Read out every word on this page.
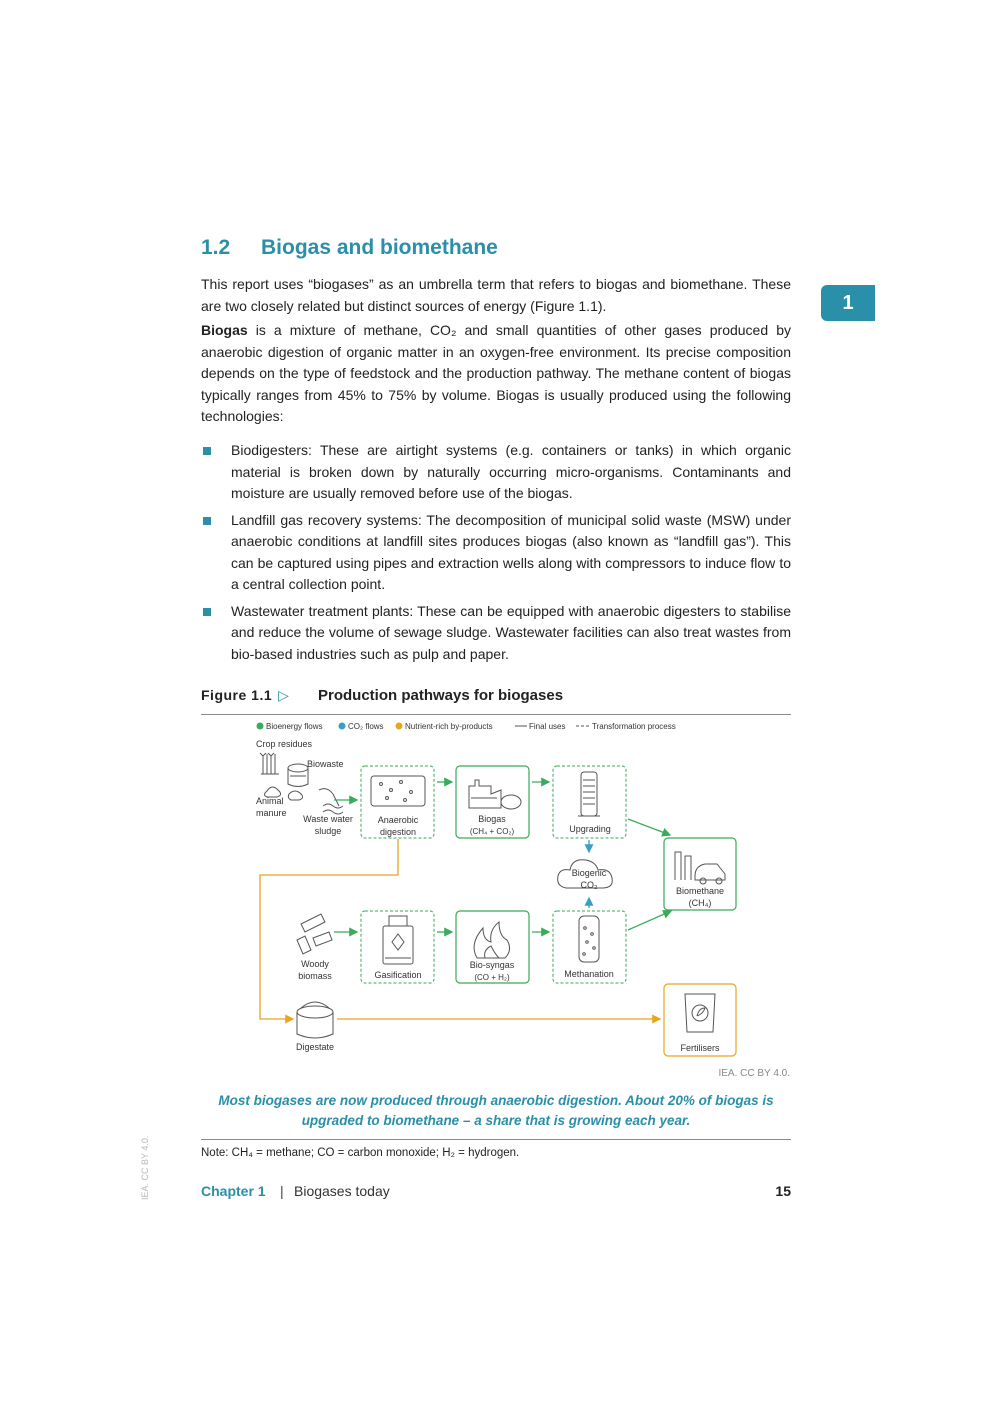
1.2 Biogas and biomethane
1

This report uses “biogases” as an umbrella term that refers to biogas and biomethane. These are two closely related but distinct sources of energy (Figure 1.1).

Biogas is a mixture of methane, CO₂ and small quantities of other gases produced by anaerobic digestion of organic matter in an oxygen-free environment. Its precise composition depends on the type of feedstock and the production pathway. The methane content of biogas typically ranges from 45% to 75% by volume. Biogas is usually produced using the following technologies:

Biodigesters: These are airtight systems (e.g. containers or tanks) in which organic material is broken down by naturally occurring micro-organisms. Contaminants and moisture are usually removed before use of the biogas.
Landfill gas recovery systems: The decomposition of municipal solid waste (MSW) under anaerobic conditions at landfill sites produces biogas (also known as “landfill gas”). This can be captured using pipes and extraction wells along with compressors to induce flow to a central collection point.
Wastewater treatment plants: These can be equipped with anaerobic digesters to stabilise and reduce the volume of sewage sludge. Wastewater facilities can also treat wastes from bio-based industries such as pulp and paper.
Figure 1.1 ▷ Production pathways for biogases
Bioenergy flows	CO₂ flows	Nutrient-rich by-products	Final uses	Transformation process
Crop residues
Biowaste
Animal
manure
Waste water
sludge
Anaerobic
digestion
Biogas
(CH₄ + CO₂)	Upgrading
Biogenic
CO₂
Biomethane
(CH₄)
Woody
biomass	Gasification
Bio-syngas
(CO + H₂)	Methanation
Digestate	Fertilisers
IEA. CC BY 4.0.
Most biogases are now produced through anaerobic digestion. About 20% of biogas is upgraded to biomethane – a share that is growing each year.
Note: CH₄ = methane; CO = carbon monoxide; H₂ = hydrogen.
Chapter 1 | Biogases today	15
IEA. CC BY 4.0.
